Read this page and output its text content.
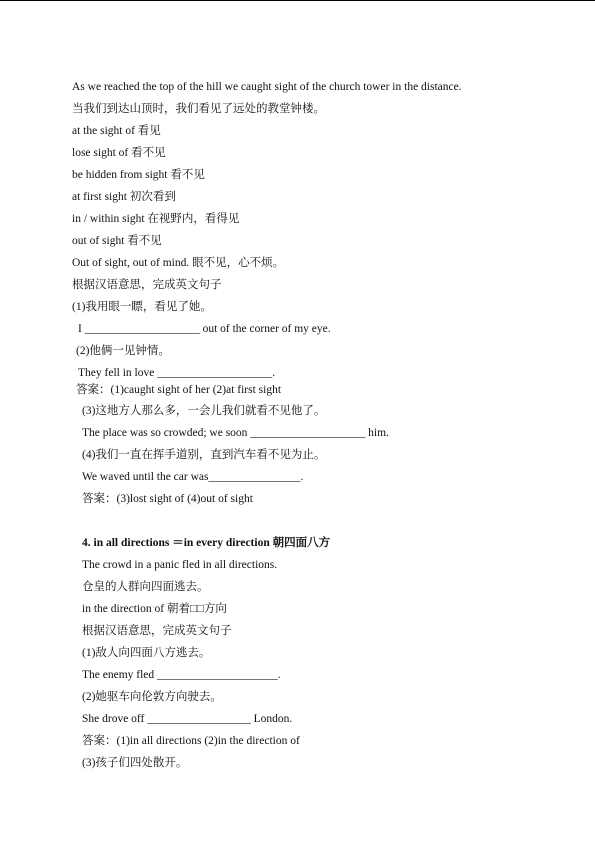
As we reached the top of the hill we caught sight of the church tower in the distance.
当我们到达山顶时，我们看见了远处的教堂钟楼。
at the sight of 看见
lose sight of 看不见
be hidden from sight 看不见
at first sight 初次看到
in / within sight 在视野内，看得见
out of sight 看不见
Out of sight, out of mind. 眼不见，心不烦。
根据汉语意思，完成英文句子
(1)我用眼一瞟，看见了她。
I ____________________ out of the corner of my eye.
(2)他俩一见钟情。
They fell in love ____________________.
答案：(1)caught sight of her (2)at first sight
(3)这地方人那么多，一会儿我们就看不见他了。
The place was so crowded; we soon ____________________ him.
(4)我们一直在挥手道别，直到汽车看不见为止。
We waved until the car was________________.
答案：(3)lost sight of (4)out of sight
4. in all directions ＝in every direction 朝四面八方
The crowd in a panic fled in all directions.
仓皇的人群向四面逃去。
in the direction of 朝着□□方向
根据汉语意思，完成英文句子
(1)敌人向四面八方逃去。
The enemy fled _____________________.
(2)她驱车向伦敦方向驶去。
She drove off __________________ London.
答案：(1)in all directions (2)in the direction of
(3)孩子们四处散开。
